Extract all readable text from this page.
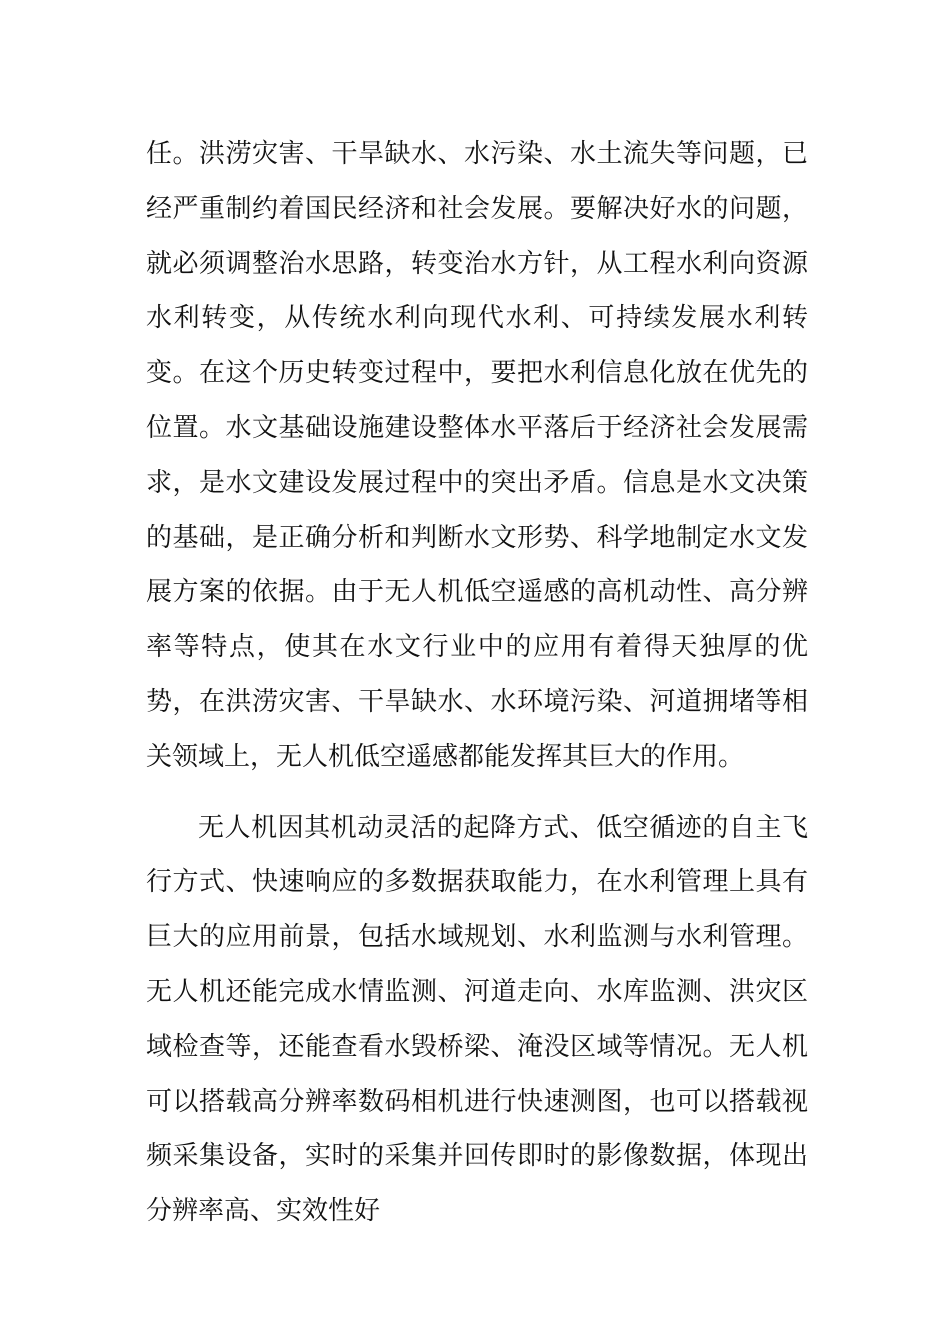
任。洪涝灾害、干旱缺水、水污染、水土流失等问题，已经严重制约着国民经济和社会发展。要解决好水的问题，就必须调整治水思路，转变治水方针，从工程水利向资源水利转变，从传统水利向现代水利、可持续发展水利转变。在这个历史转变过程中，要把水利信息化放在优先的位置。水文基础设施建设整体水平落后于经济社会发展需求，是水文建设发展过程中的突出矛盾。信息是水文决策的基础，是正确分析和判断水文形势、科学地制定水文发展方案的依据。由于无人机低空遥感的高机动性、高分辨率等特点，使其在水文行业中的应用有着得天独厚的优势，在洪涝灾害、干旱缺水、水环境污染、河道拥堵等相关领域上，无人机低空遥感都能发挥其巨大的作用。

无人机因其机动灵活的起降方式、低空循迹的自主飞行方式、快速响应的多数据获取能力，在水利管理上具有巨大的应用前景，包括水域规划、水利监测与水利管理。无人机还能完成水情监测、河道走向、水库监测、洪灾区域检查等，还能查看水毁桥梁、淹没区域等情况。无人机可以搭载高分辨率数码相机进行快速测图，也可以搭载视频采集设备，实时的采集并回传即时的影像数据，体现出分辨率高、实效性好
